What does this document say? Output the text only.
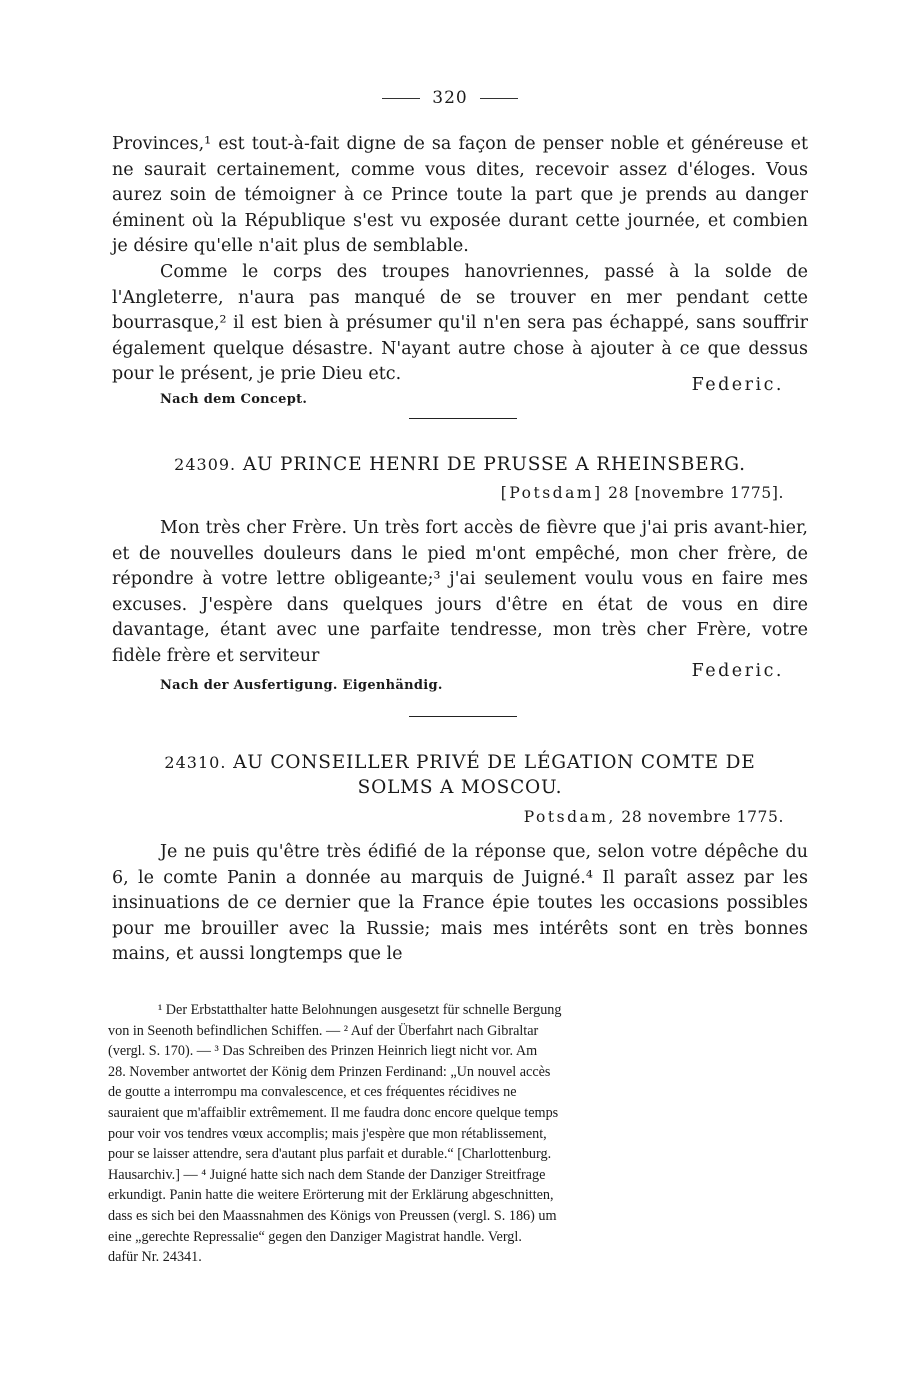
320

Provinces,¹ est tout-à-fait digne de sa façon de penser noble et généreuse et ne saurait certainement, comme vous dites, recevoir assez d'éloges. Vous aurez soin de témoigner à ce Prince toute la part que je prends au danger éminent où la République s'est vu exposée durant cette journée, et combien je désire qu'elle n'ait plus de semblable.

Comme le corps des troupes hanovriennes, passé à la solde de l'Angleterre, n'aura pas manqué de se trouver en mer pendant cette bourrasque,² il est bien à présumer qu'il n'en sera pas échappé, sans souffrir également quelque désastre. N'ayant autre chose à ajouter à ce que dessus pour le présent, je prie Dieu etc.

Federic.
Nach dem Concept.
24309. AU PRINCE HENRI DE PRUSSE A RHEINSBERG.
[Potsdam] 28 [novembre 1775].

Mon très cher Frère. Un très fort accès de fièvre que j'ai pris avant-hier, et de nouvelles douleurs dans le pied m'ont empêché, mon cher frère, de répondre à votre lettre obligeante;³ j'ai seulement voulu vous en faire mes excuses. J'espère dans quelques jours d'être en état de vous en dire davantage, étant avec une parfaite tendresse, mon très cher Frère, votre fidèle frère et serviteur

Federic.
Nach der Ausfertigung. Eigenhändig.
24310. AU CONSEILLER PRIVÉ DE LÉGATION COMTE DE
SOLMS A MOSCOU.
Potsdam, 28 novembre 1775.

Je ne puis qu'être très édifié de la réponse que, selon votre dépêche du 6, le comte Panin a donnée au marquis de Juigné.⁴ Il paraît assez par les insinuations de ce dernier que la France épie toutes les occasions possibles pour me brouiller avec la Russie; mais mes intérêts sont en très bonnes mains, et aussi longtemps que le

¹ Der Erbstatthalter hatte Belohnungen ausgesetzt für schnelle Bergung
von in Seenoth befindlichen Schiffen. — ² Auf der Überfahrt nach Gibraltar
(vergl. S. 170). — ³ Das Schreiben des Prinzen Heinrich liegt nicht vor. Am
28. November antwortet der König dem Prinzen Ferdinand: „Un nouvel accès
de goutte a interrompu ma convalescence, et ces fréquentes récidives ne
sauraient que m'affaiblir extrêmement. Il me faudra donc encore quelque temps
pour voir vos tendres vœux accomplis; mais j'espère que mon rétablissement,
pour se laisser attendre, sera d'autant plus parfait et durable.“ [Charlottenburg.
Hausarchiv.] — ⁴ Juigné hatte sich nach dem Stande der Danziger Streitfrage
erkundigt. Panin hatte die weitere Erörterung mit der Erklärung abgeschnitten,
dass es sich bei den Maassnahmen des Königs von Preussen (vergl. S. 186) um
eine „gerechte Repressalie“ gegen den Danziger Magistrat handle. Vergl.
dafür Nr. 24341.
